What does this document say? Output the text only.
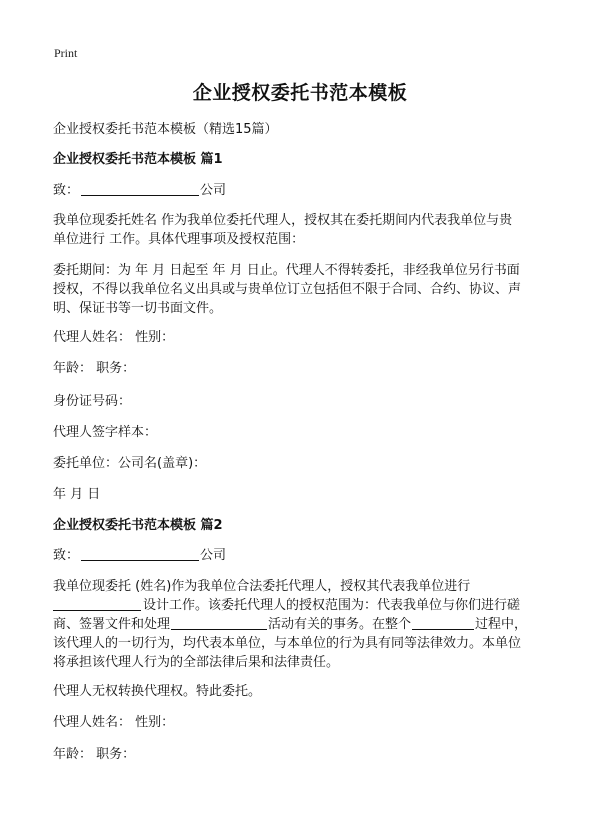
Print
企业授权委托书范本模板
企业授权委托书范本模板（精选15篇）
企业授权委托书范本模板 篇1
致：	公司
我单位现委托姓名 作为我单位委托代理人，授权其在委托期间内代表我单位与贵
单位进行 工作。具体代理事项及授权范围：
委托期间：为 年 月 日起至 年 月 日止。代理人不得转委托，非经我单位另行书面
授权，不得以我单位名义出具或与贵单位订立包括但不限于合同、合约、协议、声
明、保证书等一切书面文件。
代理人姓名： 性别：
年龄： 职务：
身份证号码：
代理人签字样本：
委托单位：公司名(盖章)：
年 月 日
企业授权委托书范本模板 篇2
致：	公司
我单位现委托 (姓名)作为我单位合法委托代理人，授权其代表我单位进行
设计工作。该委托代理人的授权范围为：代表我单位与你们进行磋
商、签署文件和处理	活动有关的事务。在整个	过程中，
该代理人的一切行为，均代表本单位，与本单位的行为具有同等法律效力。本单位
将承担该代理人行为的全部法律后果和法律责任。
代理人无权转换代理权。特此委托。
代理人姓名： 性别：
年龄： 职务：
